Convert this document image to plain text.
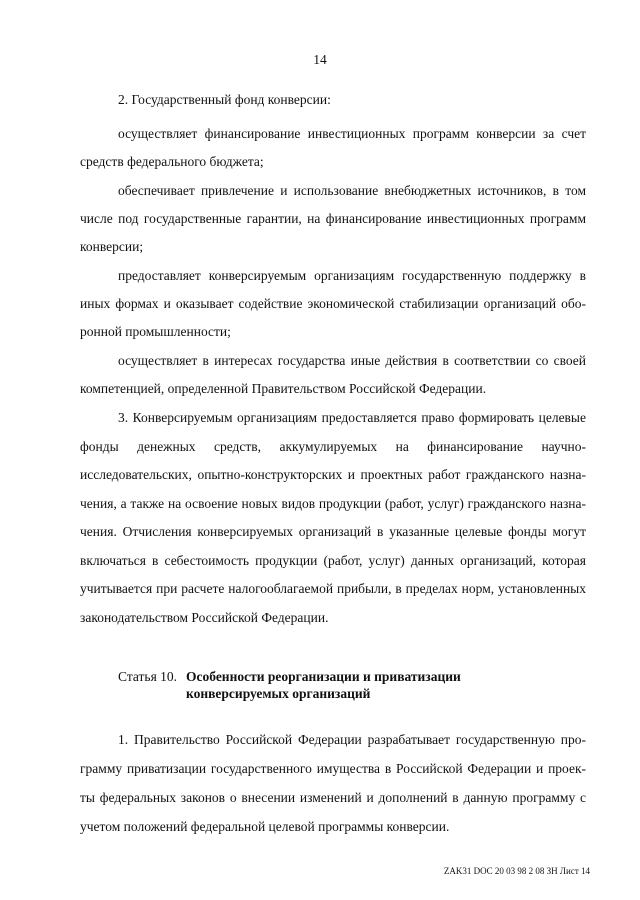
14
2. Государственный фонд конверсии:
осуществляет финансирование инвестиционных программ конверсии за счет
средств федерального бюджета;
обеспечивает привлечение и использование внебюджетных источников, в том
числе под государственные гарантии, на финансирование инвестиционных программ
конверсии;
предоставляет конверсируемым организациям государственную поддержку в
иных формах и оказывает содействие экономической стабилизации организаций обо-
ронной промышленности;
осуществляет в интересах государства иные действия в соответствии со своей
компетенцией, определенной Правительством Российской Федерации.
3. Конверсируемым организациям предоставляется право формировать целевые
фонды денежных средств, аккумулируемых на финансирование научно-
исследовательских, опытно-конструкторских и проектных работ гражданского назна-
чения, а также на освоение новых видов продукции (работ, услуг) гражданского назна-
чения. Отчисления конверсируемых организаций в указанные целевые фонды могут
включаться в себестоимость продукции (работ, услуг) данных организаций, которая
учитывается при расчете налогооблагаемой прибыли, в пределах норм, установленных
законодательством Российской Федерации.
Статья 10. Особенности реорганизации и приватизации
конверсируемых организаций
1. Правительство Российской Федерации разрабатывает государственную про-
грамму приватизации государственного имущества в Российской Федерации и проек-
ты федеральных законов о внесении изменений и дополнений в данную программу с
учетом положений федеральной целевой программы конверсии.
ZAK31 DOC 20 03 98 2 08 ЗН Лист 14
